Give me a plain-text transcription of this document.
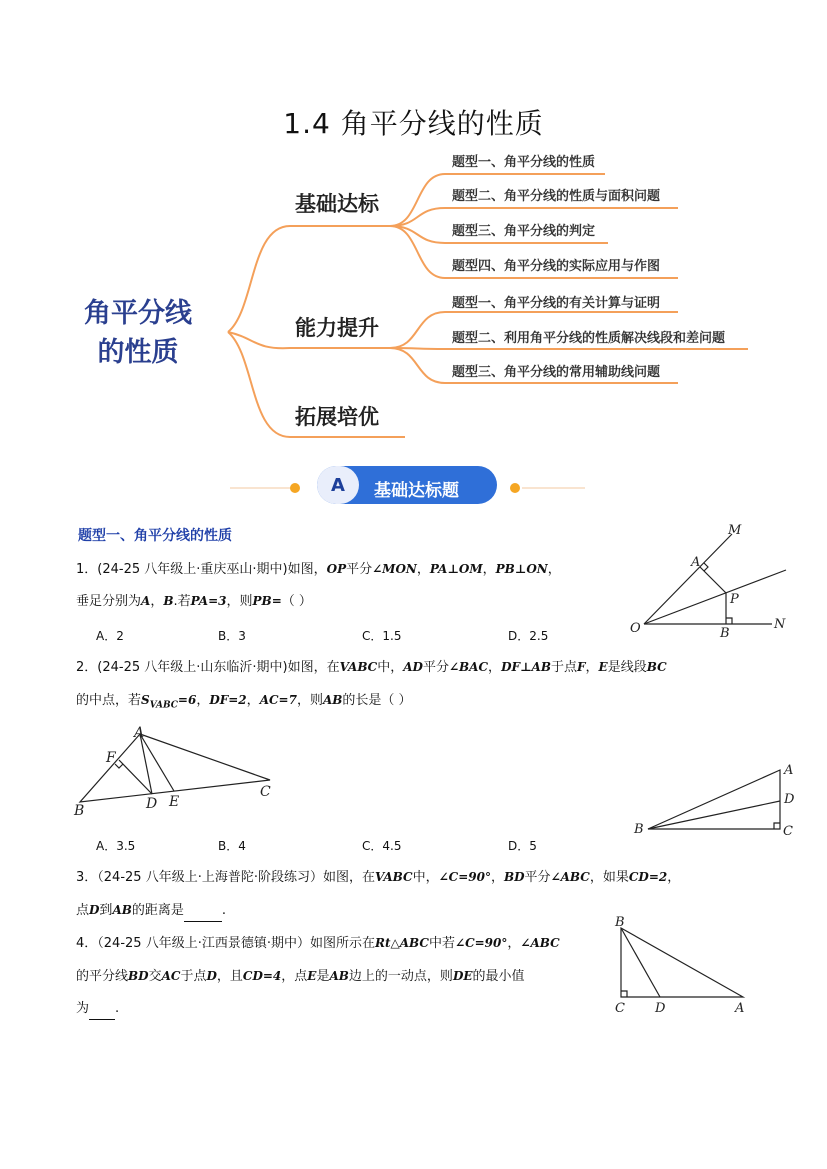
1.4 角平分线的性质
角平分线
的性质
基础达标
能力提升
拓展培优
题型一、角平分线的性质
题型二、角平分线的性质与面积问题
题型三、角平分线的判定
题型四、角平分线的实际应用与作图
题型一、角平分线的有关计算与证明
题型二、利用角平分线的性质解决线段和差问题
题型三、角平分线的常用辅助线问题
A	基础达标题
题型一、角平分线的性质
1．(24-25 八年级上·重庆巫山·期中)如图，OP平分∠MON，PA⊥OM，PB⊥ON，
垂足分别为A，B.若PA=3，则PB=（ ）
A．2	B．3	C．1.5	D．2.5
M
A
P
O	B
N
2．(24-25 八年级上·山东临沂·期中)如图，在VABC中，AD平分∠BAC，DF⊥AB于点F，E是线段BC
的中点，若$S_{VABC}=6$，DF=2，AC=7，则AB的长是（ ）
A
F
B	D E
C
A．3.5	B．4	C．4.5	D．5
A
D
B	C
3．（24-25 八年级上·上海普陀·阶段练习）如图，在VABC中，∠C=90°，BD平分∠ABC，如果CD=2，
点D到AB的距离是	.
4．（24-25 八年级上·江西景德镇·期中）如图所示在Rt△ABC中若∠C=90°，∠ABC
的平分线BD交AC于点D，且CD=4，点E是AB边上的一动点，则DE的最小值
为 .
B
C D	A
